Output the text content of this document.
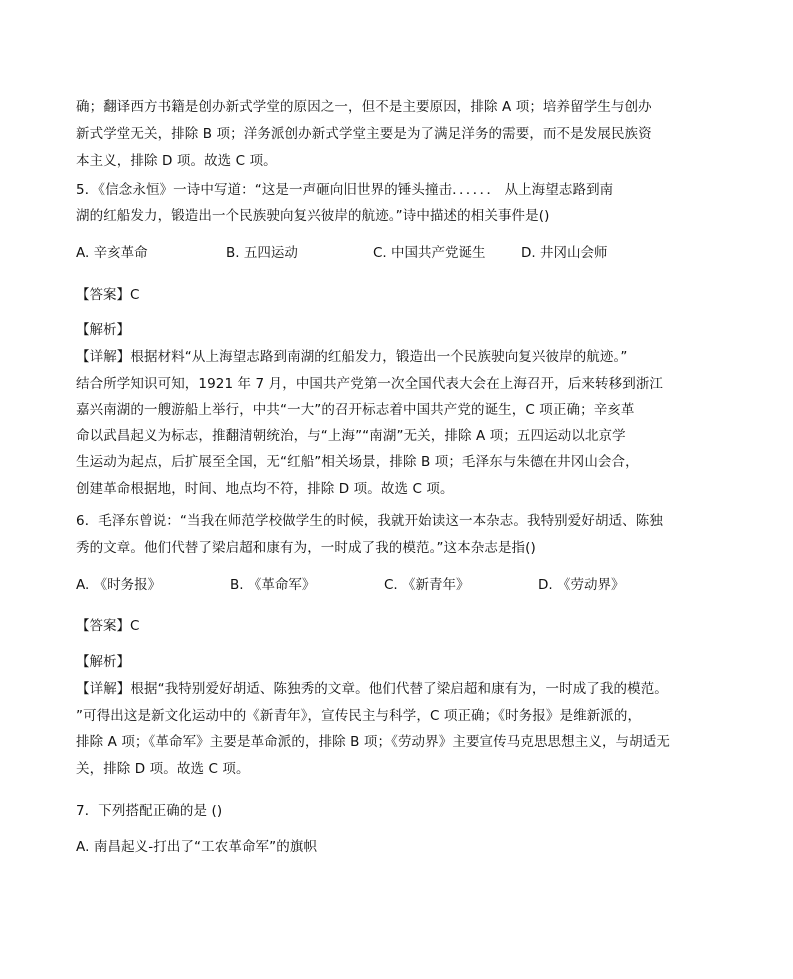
确；翻译西方书籍是创办新式学堂的原因之一，但不是主要原因，排除 A 项；培养留学生与创办
新式学堂无关，排除 B 项；洋务派创办新式学堂主要是为了满足洋务的需要，而不是发展民族资
本主义，排除 D 项。故选 C 项。
5．《信念永恒》一诗中写道：“这是一声砸向旧世界的锤头撞击．．．．．． 从上海望志路到南
湖的红船发力，锻造出一个民族驶向复兴彼岸的航迹。”诗中描述的相关事件是()
A. 辛亥革命	B. 五四运动	C. 中国共产党诞生	D. 井冈山会师
【答案】C
【解析】
【详解】根据材料“从上海望志路到南湖的红船发力，锻造出一个民族驶向复兴彼岸的航迹。”
结合所学知识可知，1921 年 7 月，中国共产党第一次全国代表大会在上海召开，后来转移到浙江
嘉兴南湖的一艘游船上举行，中共“一大”的召开标志着中国共产党的诞生，C 项正确；辛亥革
命以武昌起义为标志，推翻清朝统治，与“上海”“南湖”无关，排除 A 项；五四运动以北京学
生运动为起点，后扩展至全国，无“红船”相关场景，排除 B 项；毛泽东与朱德在井冈山会合，
创建革命根据地，时间、地点均不符，排除 D 项。故选 C 项。
6．毛泽东曾说：“当我在师范学校做学生的时候，我就开始读这一本杂志。我特别爱好胡适、陈独
秀的文章。他们代替了梁启超和康有为，一时成了我的模范。”这本杂志是指()
A. 《时务报》	B. 《革命军》	C. 《新青年》	D. 《劳动界》
【答案】C
【解析】
【详解】根据“我特别爱好胡适、陈独秀的文章。他们代替了梁启超和康有为，一时成了我的模范。
”可得出这是新文化运动中的《新青年》，宣传民主与科学，C 项正确；《时务报》是维新派的，
排除 A 项；《革命军》主要是革命派的，排除 B 项；《劳动界》主要宣传马克思思想主义，与胡适无
关，排除 D 项。故选 C 项。
7．下列搭配正确的是 ()
A. 南昌起义-打出了“工农革命军”的旗帜
